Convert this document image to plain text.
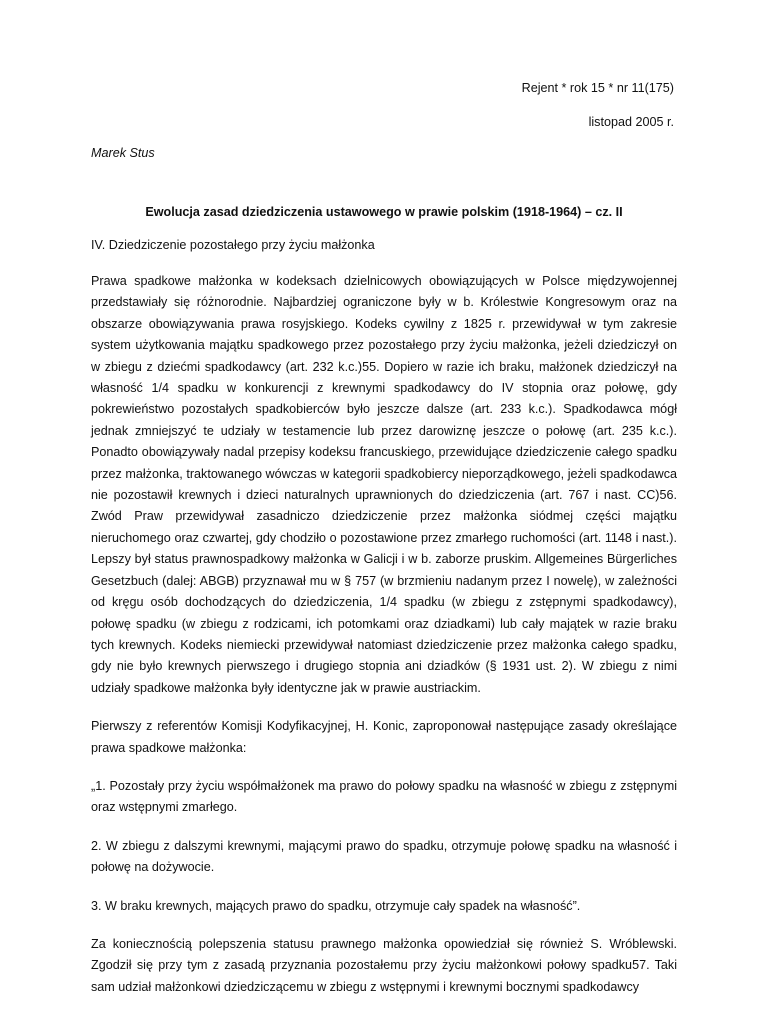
Rejent * rok 15 * nr 11(175)
listopad 2005 r.
Marek Stus
Ewolucja zasad dziedziczenia ustawowego w prawie polskim (1918-1964) – cz. II
IV. Dziedziczenie pozostałego przy życiu małżonka

Prawa spadkowe małżonka w kodeksach dzielnicowych obowiązujących w Polsce międzywojennej przedstawiały się różnorodnie. Najbardziej ograniczone były w b. Królestwie Kongresowym oraz na obszarze obowiązywania prawa rosyjskiego. Kodeks cywilny z 1825 r. przewidywał w tym zakresie system użytkowania majątku spadkowego przez pozostałego przy życiu małżonka, jeżeli dziedziczył on w zbiegu z dziećmi spadkodawcy (art. 232 k.c.)55. Dopiero w razie ich braku, małżonek dziedziczył na własność 1/4 spadku w konkurencji z krewnymi spadkodawcy do IV stopnia oraz połowę, gdy pokrewieństwo pozostałych spadkobierców było jeszcze dalsze (art. 233 k.c.). Spadkodawca mógł jednak zmniejszyć te udziały w testamencie lub przez darowiznę jeszcze o połowę (art. 235 k.c.). Ponadto obowiązywały nadal przepisy kodeksu francuskiego, przewidujące dziedziczenie całego spadku przez małżonka, traktowanego wówczas w kategorii spadkobiercy nieporządkowego, jeżeli spadkodawca nie pozostawił krewnych i dzieci naturalnych uprawnionych do dziedziczenia (art. 767 i nast. CC)56. Zwód Praw przewidywał zasadniczo dziedziczenie przez małżonka siódmej części majątku nieruchomego oraz czwartej, gdy chodziło o pozostawione przez zmarłego ruchomości (art. 1148 i nast.). Lepszy był status prawnospadkowy małżonka w Galicji i w b. zaborze pruskim. Allgemeines Bürgerliches Gesetzbuch (dalej: ABGB) przyznawał mu w § 757 (w brzmieniu nadanym przez I nowelę), w zależności od kręgu osób dochodzących do dziedziczenia, 1/4 spadku (w zbiegu z zstępnymi spadkodawcy), połowę spadku (w zbiegu z rodzicami, ich potomkami oraz dziadkami) lub cały majątek w razie braku tych krewnych. Kodeks niemiecki przewidywał natomiast dziedziczenie przez małżonka całego spadku, gdy nie było krewnych pierwszego i drugiego stopnia ani dziadków (§ 1931 ust. 2). W zbiegu z nimi udziały spadkowe małżonka były identyczne jak w prawie austriackim.

Pierwszy z referentów Komisji Kodyfikacyjnej, H. Konic, zaproponował następujące zasady określające prawa spadkowe małżonka:

„1. Pozostały przy życiu współmałżonek ma prawo do połowy spadku na własność w zbiegu z zstępnymi oraz wstępnymi zmarłego.

2. W zbiegu z dalszymi krewnymi, mającymi prawo do spadku, otrzymuje połowę spadku na własność i połowę na dożywocie.

3. W braku krewnych, mających prawo do spadku, otrzymuje cały spadek na własność”.

Za koniecznością polepszenia statusu prawnego małżonka opowiedział się również S. Wróblewski. Zgodził się przy tym z zasadą przyznania pozostałemu przy życiu małżonkowi połowy spadku57. Taki sam udział małżonkowi dziedziczącemu w zbiegu z wstępnymi i krewnymi bocznymi spadkodawcy
